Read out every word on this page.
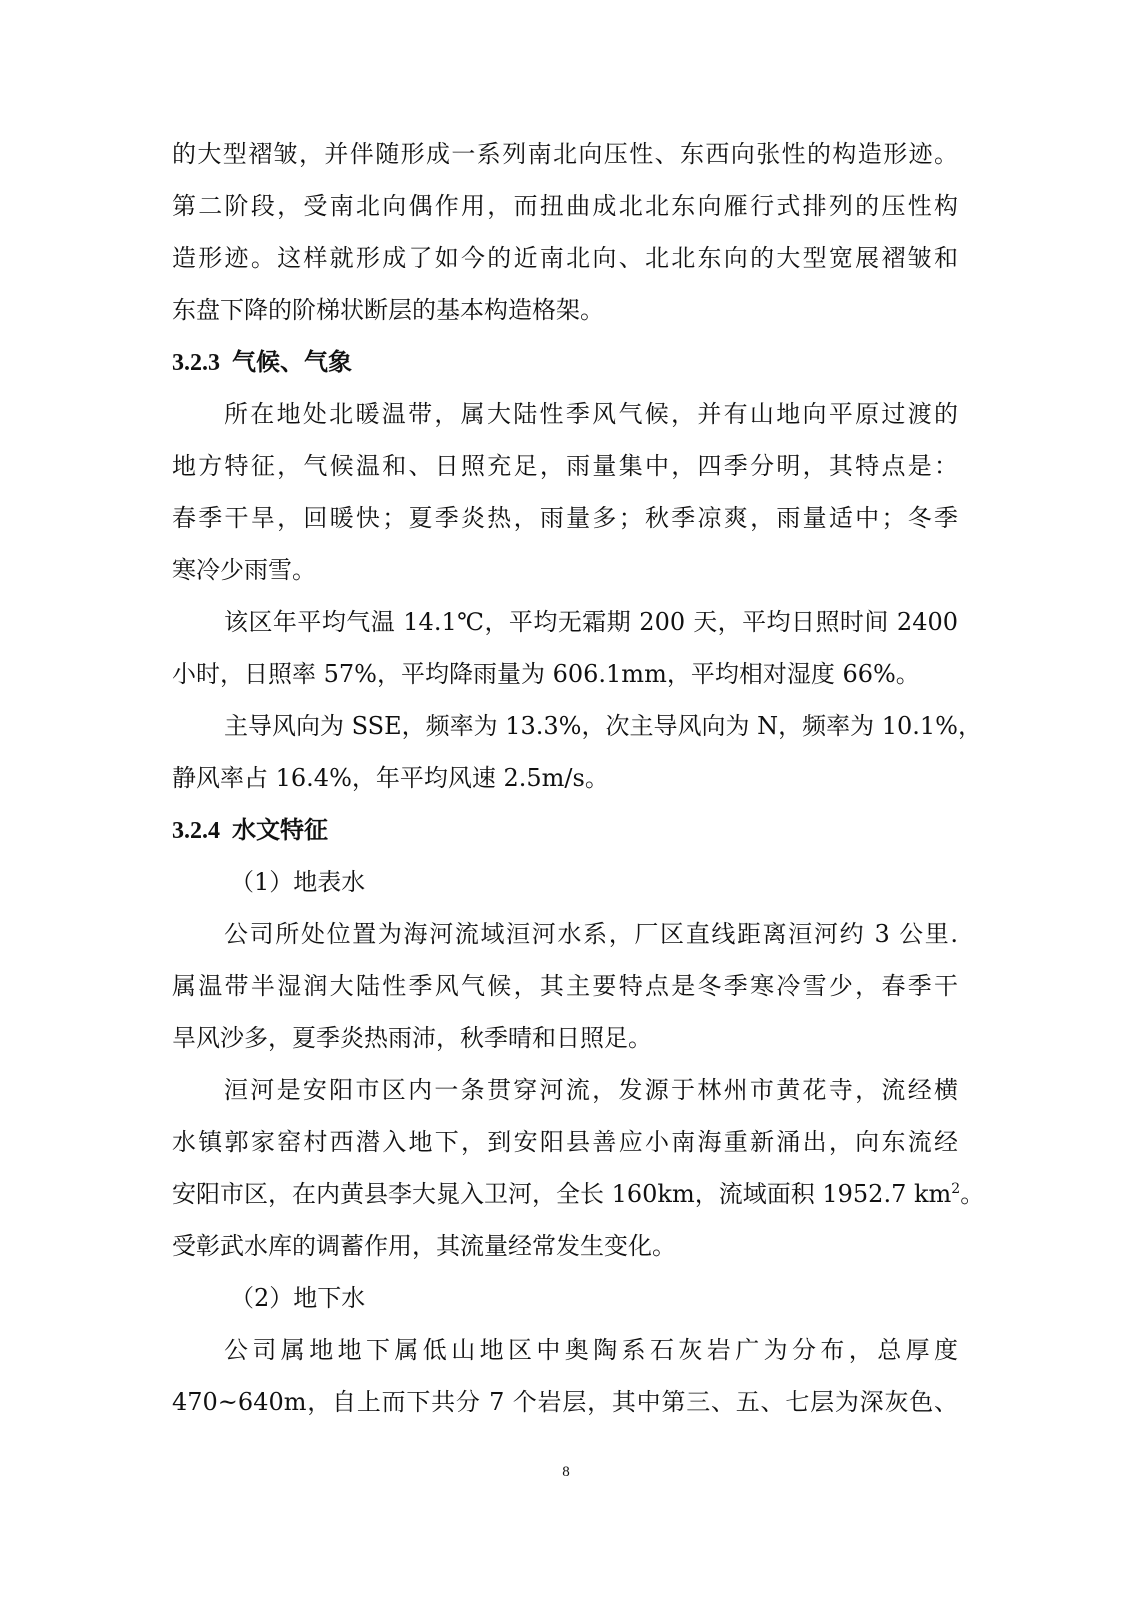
的大型褶皱，并伴随形成一系列南北向压性、东西向张性的构造形迹。
第二阶段，受南北向偶作用，而扭曲成北北东向雁行式排列的压性构
造形迹。这样就形成了如今的近南北向、北北东向的大型宽展褶皱和
东盘下降的阶梯状断层的基本构造格架。
3.2.3 气候、气象
所在地处北暖温带，属大陆性季风气候，并有山地向平原过渡的
地方特征，气候温和、日照充足，雨量集中，四季分明，其特点是：
春季干旱，回暖快；夏季炎热，雨量多；秋季凉爽，雨量适中；冬季
寒冷少雨雪。
该区年平均气温 14.1℃，平均无霜期 200 天，平均日照时间 2400
小时，日照率 57%，平均降雨量为 606.1mm，平均相对湿度 66%。
主导风向为 SSE，频率为 13.3%，次主导风向为 N，频率为 10.1%，
静风率占 16.4%，年平均风速 2.5m/s。
3.2.4 水文特征
（1）地表水
公司所处位置为海河流域洹河水系，厂区直线距离洹河约 3 公里.
属温带半湿润大陆性季风气候，其主要特点是冬季寒冷雪少，春季干
旱风沙多，夏季炎热雨沛，秋季晴和日照足。
洹河是安阳市区内一条贯穿河流，发源于林州市黄花寺，流经横
水镇郭家窑村西潜入地下，到安阳县善应小南海重新涌出，向东流经
安阳市区，在内黄县李大晁入卫河，全长 160km，流域面积 1952.7 $km^2$。
受彰武水库的调蓄作用，其流量经常发生变化。
（2）地下水
公司属地地下属低山地区中奥陶系石灰岩广为分布，总厚度
470~640m，自上而下共分 7 个岩层，其中第三、五、七层为深灰色、
8
